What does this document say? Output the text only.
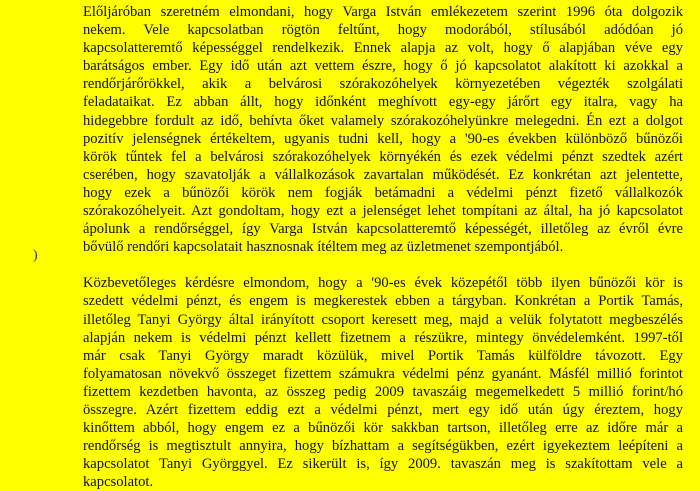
Előljáróban szeretném elmondani, hogy Varga István emlékezetem szerint 1996 óta dolgozik
nekem. Vele kapcsolatban rögtön feltűnt, hogy modorából, stílusából adódóan jó
kapcsolatteremtő képességgel rendelkezik. Ennek alapja az volt, hogy ő alapjában véve egy
barátságos ember. Egy idő után azt vettem észre, hogy ő jó kapcsolatot alakított ki azokkal a
rendőrjárőrökkel, akik a belvárosi szórakozóhelyek környezetében végezték szolgálati
feladataikat. Ez abban állt, hogy időnként meghívott egy-egy járőrt egy italra, vagy ha
hidegebbre fordult az idő, behívta őket valamely szórakozóhelyünkre melegedni. Én ezt a dolgot
pozitív jelenségnek értékeltem, ugyanis tudni kell, hogy a '90-es években különböző bűnözői
körök tűntek fel a belvárosi szórakozóhelyek környékén és ezek védelmi pénzt szedtek azért
cserében, hogy szavatolják a vállalkozások zavartalan működését. Ez konkrétan azt jelentette,
hogy ezek a bűnözői körök nem fogják betámadni a védelmi pénzt fizető vállalkozók
szórakozóhelyeit. Azt gondoltam, hogy ezt a jelenséget lehet tompítani az által, ha jó kapcsolatot
ápolunk a rendőrséggel, így Varga István kapcsolatteremtő képességét, illetőleg az évről évre
bővülő rendőri kapcsolatait hasznosnak ítéltem meg az üzletmenet szempontjából.
Közbevetőleges kérdésre elmondom, hogy a '90-es évek közepétől több ilyen bűnözői kör is
szedett védelmi pénzt, és engem is megkerestek ebben a tárgyban. Konkrétan a Portik Tamás,
illetőleg Tanyi György által irányított csoport keresett meg, majd a velük folytatott megbeszélés
alapján nekem is védelmi pénzt kellett fizetnem a részükre, mintegy önvédelemként. 1997-től
már csak Tanyi György maradt közülük, mivel Portik Tamás külföldre távozott. Egy
folyamatosan növekvő összeget fizettem számukra védelmi pénz gyanánt. Másfél millió forintot
fizettem kezdetben havonta, az összeg pedig 2009 tavaszáig megemelkedett 5 millió forint/hó
összegre. Azért fizettem eddig ezt a védelmi pénzt, mert egy idő után úgy éreztem, hogy
kinőttem abból, hogy engem ez a bűnözői kör sakkban tartson, illetőleg erre az időre már a
rendőrség is megtisztult annyira, hogy bízhattam a segítségükben, ezért igyekeztem leépíteni a
kapcsolatot Tanyi Györggyel. Ez sikerült is, így 2009. tavaszán meg is szakítottam vele a
kapcsolatot.
)
